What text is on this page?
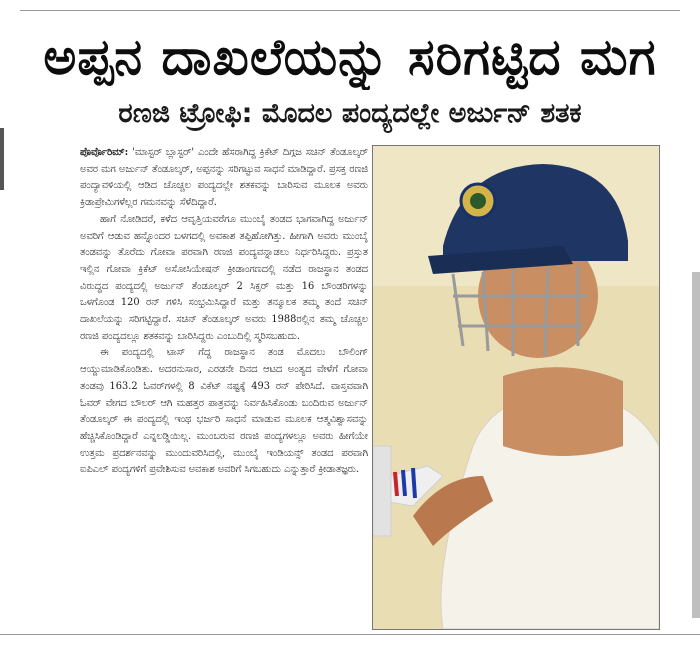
ಅಪ್ಪನ ದಾಖಲೆಯನ್ನು ಸರಿಗಟ್ಟಿದ ಮಗ
ರಣಜಿ ಟ್ರೋಫಿ: ಮೊದಲ ಪಂದ್ಯದಲ್ಲೇ ಅರ್ಜುನ್ ಶತಕ

ಪೊರ್ವೊರಿಮ್: 'ಮಾಸ್ಟರ್ ಬ್ಲಾಸ್ಟರ್' ಎಂದೇ ಹೆಸರಾಗಿದ್ದ ಕ್ರಿಕೆಟ್ ದಿಗ್ಗಜ ಸಚಿನ್ ತೆಂಡೂಲ್ಕರ್ ಅವರ ಮಗ ಅರ್ಜುನ್ ತೆಂಡೂಲ್ಕರ್, ಅಪ್ಪನನ್ನು ಸರಿಗಟ್ಟುವ ಸಾಧನೆ ಮಾಡಿದ್ದಾರೆ. ಪ್ರಸಕ್ತ ರಣಜಿ ಪಂದ್ಯಾವಳಿಯಲ್ಲಿ ಆಡಿದ ಚೊಚ್ಚಲ ಪಂದ್ಯದಲ್ಲೇ ಶತಕವನ್ನು ಬಾರಿಸುವ ಮೂಲಕ ಅವರು ಕ್ರಿಡಾಪ್ರೇಮಿಗಳೆಲ್ಲರ ಗಮನವನ್ನು ಸೆಳೆದಿದ್ದಾರೆ.

ಹಾಗೆ ನೋಡಿದರೆ, ಕಳೆದ ಆವೃತ್ತಿಯವರೆಗೂ ಮುಂಬೈ ತಂಡದ ಭಾಗವಾಗಿದ್ದ ಅರ್ಜುನ್ ಅವರಿಗೆ ಆಡುವ ಹನ್ನೊಂದರ ಬಳಗದಲ್ಲಿ ಅವಕಾಶ ತಪ್ಪಿಹೋಗಿತ್ತು. ಹೀಗಾಗಿ ಅವರು ಮುಂಬೈ ತಂಡವನ್ನು ತೊರೆದು ಗೋವಾ ಪರವಾಗಿ ರಣಜಿ ಪಂದ್ಯವನ್ನಾಡಲು ನಿರ್ಧರಿಸಿದ್ದರು. ಪ್ರಸ್ತುತ ಇಲ್ಲಿನ ಗೋವಾ ಕ್ರಿಕೆಟ್ ಅಸೋಸಿಯೇಷನ್ ಕ್ರೀಡಾಂಗಣದಲ್ಲಿ ನಡೆದ ರಾಜಸ್ಥಾನ ತಂಡದ ವಿರುದ್ಧದ ಪಂದ್ಯದಲ್ಲಿ ಅರ್ಜುನ್ ತೆಂಡೂಲ್ಕರ್ 2 ಸಿಕ್ಸರ್ ಮತ್ತು 16 ಬೌಂಡರಿಗಳನ್ನು ಒಳಗೊಂಡ 120 ರನ್ ಗಳಿಸಿ ಸಂಭ್ರಮಿಸಿದ್ದಾರೆ ಮತ್ತು ತನ್ಮೂಲಕ ತಮ್ಮ ತಂದೆ ಸಚಿನ್ ದಾಖಲೆಯನ್ನು ಸರಿಗಟ್ಟಿದ್ದಾರೆ. ಸಚಿನ್ ತೆಂಡೂಲ್ಕರ್ ಅವರು 1988ರಲ್ಲಿನ ತಮ್ಮ ಚೊಚ್ಚಲ ರಣಜಿ ಪಂದ್ಯದಲ್ಲೂ ಶತಕವನ್ನು ಬಾರಿಸಿದ್ದರು ಎಂಬುದಿಲ್ಲಿ ಸ್ಮರಿಸಬಹುದು.

ಈ ಪಂದ್ಯದಲ್ಲಿ ಟಾಸ್ ಗೆದ್ದ ರಾಜಸ್ಥಾನ ತಂಡ ಮೊದಲು ಬೌಲಿಂಗ್ ಆಯ್ದುಮಾಡಿಕೊಂಡಿತು. ಅದರನುಸಾರ, ಎರಡನೇ ದಿನದ ಆಟದ ಅಂತ್ಯದ ವೇಳೆಗೆ ಗೋವಾ ತಂಡವು 163.2 ಓವರ್‌ಗಳಲ್ಲಿ 8 ವಿಕೆಟ್ ನಷ್ಟಕ್ಕೆ 493 ರನ್ ಪೇರಿಸಿದೆ. ವಾಸ್ತವವಾಗಿ ಓವರ್ ವೇಗದ ಬೌಲರ್ ಆಗಿ ಮಹತ್ತರ ಪಾತ್ರವನ್ನು ನಿರ್ವಹಿಸಿಕೊಂಡು ಬಂದಿರುವ ಅರ್ಜುನ್ ತೆಂಡೂಲ್ಕರ್ ಈ ಪಂದ್ಯದಲ್ಲಿ ಇಂಥ ಭರ್ಜರಿ ಸಾಧನೆ ಮಾಡುವ ಮೂಲಕ ಆತ್ಮವಿಶ್ವಾಸವನ್ನು ಹೆಚ್ಚಿಸಿಕೊಂಡಿದ್ದಾರೆ ಎನ್ನಲಡ್ಡಿಯಿಲ್ಲ. ಮುಂಬರುವ ರಣಜಿ ಪಂದ್ಯಗಳಲ್ಲೂ ಅವರು ಹೀಗೆಯೇ ಉತ್ತಮ ಪ್ರದರ್ಶನವನ್ನು ಮುಂದುವರಿಸಿದಲ್ಲಿ, ಮುಂಬೈ ಇಂಡಿಯನ್ಸ್ ತಂಡದ ಪರವಾಗಿ ಐಪಿಎಲ್ ಪಂದ್ಯಗಳಿಗೆ ಪ್ರವೇಶಿಸುವ ಅವಕಾಶ ಅವರಿಗೆ ಸಿಗಬಹುದು ಎನ್ನುತ್ತಾರೆ ಕ್ರೀಡಾತಜ್ಞರು.
